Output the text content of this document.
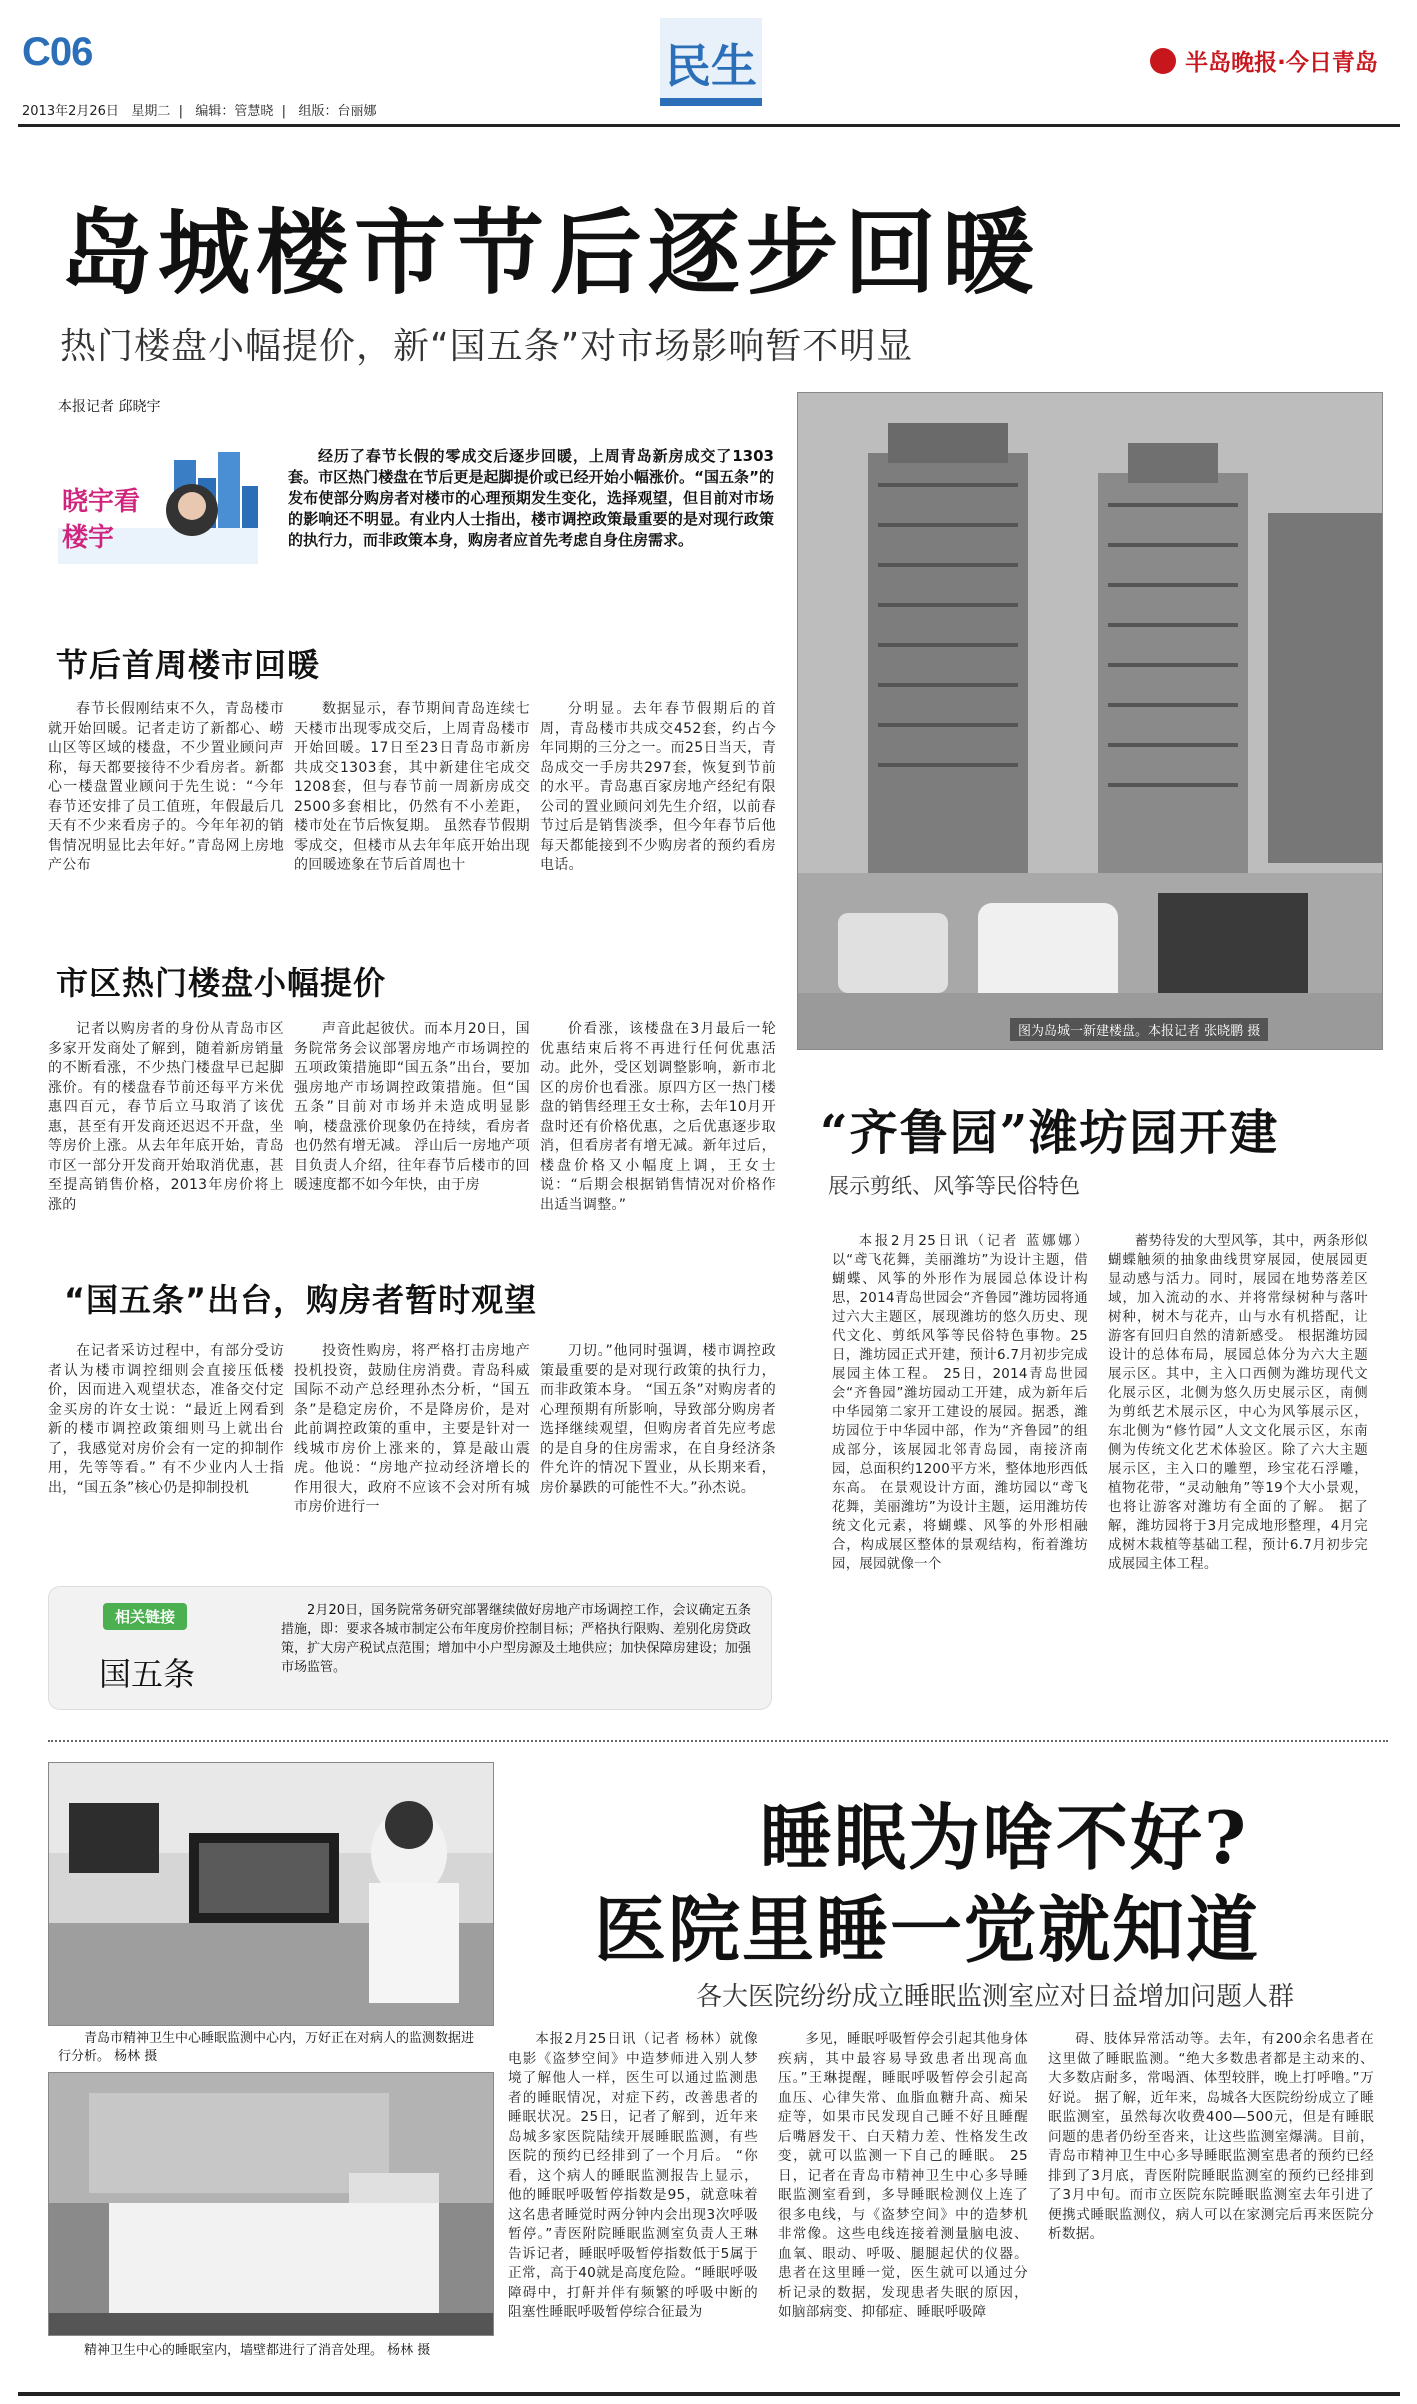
C06
2013年2月26日 星期二  |   编辑：管慧晓  |   组版：台丽娜
民生	半岛晚报·今日青岛
岛城楼市节后逐步回暖
热门楼盘小幅提价，新“国五条”对市场影响暂不明显
本报记者 邱晓宇
晓宇看楼宇
经历了春节长假的零成交后逐步回暖，上周青岛新房成交了1303套。市区热门楼盘在节后更是起脚提价或已经开始小幅涨价。“国五条”的发布使部分购房者对楼市的心理预期发生变化，选择观望，但目前对市场的影响还不明显。有业内人士指出，楼市调控政策最重要的是对现行政策的执行力，而非政策本身，购房者应首先考虑自身住房需求。
节后首周楼市回暖
春节长假刚结束不久，青岛楼市就开始回暖。记者走访了新都心、崂山区等区域的楼盘，不少置业顾问声称，每天都要接待不少看房者。新都心一楼盘置业顾问于先生说：“今年春节还安排了员工值班，年假最后几天有不少来看房子的。今年年初的销售情况明显比去年好。”青岛网上房地产公布
数据显示，春节期间青岛连续七天楼市出现零成交后，上周青岛楼市开始回暖。17日至23日青岛市新房共成交1303套，其中新建住宅成交1208套，但与春节前一周新房成交2500多套相比，仍然有不小差距，楼市处在节后恢复期。 虽然春节假期零成交，但楼市从去年年底开始出现的回暖迹象在节后首周也十
分明显。去年春节假期后的首周，青岛楼市共成交452套，约占今年同期的三分之一。而25日当天，青岛成交一手房共297套，恢复到节前的水平。青岛惠百家房地产经纪有限公司的置业顾问刘先生介绍，以前春节过后是销售淡季，但今年春节后他每天都能接到不少购房者的预约看房电话。
市区热门楼盘小幅提价
记者以购房者的身份从青岛市区多家开发商处了解到，随着新房销量的不断看涨，不少热门楼盘早已起脚涨价。有的楼盘春节前还每平方米优惠四百元，春节后立马取消了该优惠，甚至有开发商还迟迟不开盘，坐等房价上涨。从去年年底开始，青岛市区一部分开发商开始取消优惠，甚至提高销售价格，2013年房价将上涨的
声音此起彼伏。而本月20日，国务院常务会议部署房地产市场调控的五项政策措施即“国五条”出台，要加强房地产市场调控政策措施。但“国五条”目前对市场并未造成明显影响，楼盘涨价现象仍在持续，看房者也仍然有增无减。 浮山后一房地产项目负责人介绍，往年春节后楼市的回暖速度都不如今年快，由于房
价看涨，该楼盘在3月最后一轮优惠结束后将不再进行任何优惠活动。此外，受区划调整影响，新市北区的房价也看涨。原四方区一热门楼盘的销售经理王女士称，去年10月开盘时还有价格优惠，之后优惠逐步取消，但看房者有增无减。新年过后，楼盘价格又小幅度上调，王女士说：“后期会根据销售情况对价格作出适当调整。”
“国五条”出台，购房者暂时观望
在记者采访过程中，有部分受访者认为楼市调控细则会直接压低楼价，因而进入观望状态，准备交付定金买房的许女士说：“最近上网看到新的楼市调控政策细则马上就出台了，我感觉对房价会有一定的抑制作用，先等等看。” 有不少业内人士指出，“国五条”核心仍是抑制投机
投资性购房，将严格打击房地产投机投资，鼓励住房消费。青岛科威国际不动产总经理孙杰分析，“国五条”是稳定房价，不是降房价，是对此前调控政策的重申，主要是针对一线城市房价上涨来的，算是敲山震虎。他说：“房地产拉动经济增长的作用很大，政府不应该不会对所有城市房价进行一
刀切。”他同时强调，楼市调控政策最重要的是对现行政策的执行力，而非政策本身。 “国五条”对购房者的心理预期有所影响，导致部分购房者选择继续观望，但购房者首先应考虑的是自身的住房需求，在自身经济条件允许的情况下置业，从长期来看，房价暴跌的可能性不大。”孙杰说。
图为岛城一新建楼盘。本报记者 张晓鹏 摄
相关链接
国五条
2月20日，国务院常务研究部署继续做好房地产市场调控工作，会议确定五条措施，即：要求各城市制定公布年度房价控制目标；严格执行限购、差别化房贷政策，扩大房产税试点范围；增加中小户型房源及土地供应；加快保障房建设；加强市场监管。
“齐鲁园”潍坊园开建
展示剪纸、风筝等民俗特色
本报2月25日讯（记者 蓝娜娜）以“鸢飞花舞，美丽潍坊”为设计主题，借蝴蝶、风筝的外形作为展园总体设计构思，2014青岛世园会“齐鲁园”潍坊园将通过六大主题区，展现潍坊的悠久历史、现代文化、剪纸风筝等民俗特色事物。25日，潍坊园正式开建，预计6.7月初步完成展园主体工程。 25日，2014青岛世园会“齐鲁园”潍坊园动工开建，成为新年后中华园第二家开工建设的展园。据悉，潍坊园位于中华园中部，作为“齐鲁园”的组成部分，该展园北邻青岛园，南接济南园，总面积约1200平方米，整体地形西低东高。 在景观设计方面，潍坊园以“鸢飞花舞，美丽潍坊”为设计主题，运用潍坊传统文化元素，将蝴蝶、风筝的外形相融合，构成展区整体的景观结构，衔着潍坊园，展园就像一个
蓄势待发的大型风筝，其中，两条形似蝴蝶触须的抽象曲线贯穿展园，使展园更显动感与活力。同时，展园在地势落差区域，加入流动的水、并将常绿树种与落叶树种，树木与花卉，山与水有机搭配，让游客有回归自然的清新感受。 根据潍坊园设计的总体布局，展园总体分为六大主题展示区。其中，主入口西侧为潍坊现代文化展示区，北侧为悠久历史展示区，南侧为剪纸艺术展示区，中心为风筝展示区，东北侧为“修竹园”人文文化展示区，东南侧为传统文化艺术体验区。除了六大主题展示区，主入口的雕塑，珍宝花石浮雕，植物花带，“灵动触角”等19个大小景观，也将让游客对潍坊有全面的了解。 据了解，潍坊园将于3月完成地形整理，4月完成树木栽植等基础工程，预计6.7月初步完成展园主体工程。
青岛市精神卫生中心睡眠监测中心内，万好正在对病人的监测数据进行分析。 杨林 摄
精神卫生中心的睡眠室内，墙壁都进行了消音处理。 杨林 摄
睡眠为啥不好?
医院里睡一觉就知道
各大医院纷纷成立睡眠监测室应对日益增加问题人群
本报2月25日讯（记者 杨林）就像电影《盗梦空间》中造梦师进入别人梦境了解他人一样，医生可以通过监测患者的睡眠情况，对症下药，改善患者的睡眠状况。25日，记者了解到，近年来岛城多家医院陆续开展睡眠监测，有些医院的预约已经排到了一个月后。 “你看，这个病人的睡眠监测报告上显示，他的睡眠呼吸暂停指数是95，就意味着这名患者睡觉时两分钟内会出现3次呼吸暂停。”青医附院睡眠监测室负责人王琳告诉记者，睡眠呼吸暂停指数低于5属于正常，高于40就是高度危险。“睡眠呼吸障碍中，打鼾并伴有频繁的呼吸中断的阻塞性睡眠呼吸暂停综合征最为
多见，睡眠呼吸暂停会引起其他身体疾病，其中最容易导致患者出现高血压。”王琳提醒，睡眠呼吸暂停会引起高血压、心律失常、血脂血糖升高、痴呆症等，如果市民发现自己睡不好且睡醒后嘴唇发干、白天精力差、性格发生改变，就可以监测一下自己的睡眠。 25日，记者在青岛市精神卫生中心多导睡眠监测室看到，多导睡眠检测仪上连了很多电线，与《盗梦空间》中的造梦机非常像。这些电线连接着测量脑电波、血氧、眼动、呼吸、腿腿起伏的仪器。患者在这里睡一觉，医生就可以通过分析记录的数据，发现患者失眠的原因，如脑部病变、抑郁症、睡眠呼吸障
碍、肢体异常活动等。去年，有200余名患者在这里做了睡眠监测。“绝大多数患者都是主动来的、大多数店耐多，常喝酒、体型较胖，晚上打呼噜。”万好说。 据了解，近年来，岛城各大医院纷纷成立了睡眠监测室，虽然每次收费400—500元，但是有睡眠问题的患者仍纷至沓来，让这些监测室爆满。目前，青岛市精神卫生中心多导睡眠监测室患者的预约已经排到了3月底，青医附院睡眠监测室的预约已经排到了3月中旬。而市立医院东院睡眠监测室去年引进了便携式睡眠监测仪，病人可以在家测完后再来医院分析数据。
